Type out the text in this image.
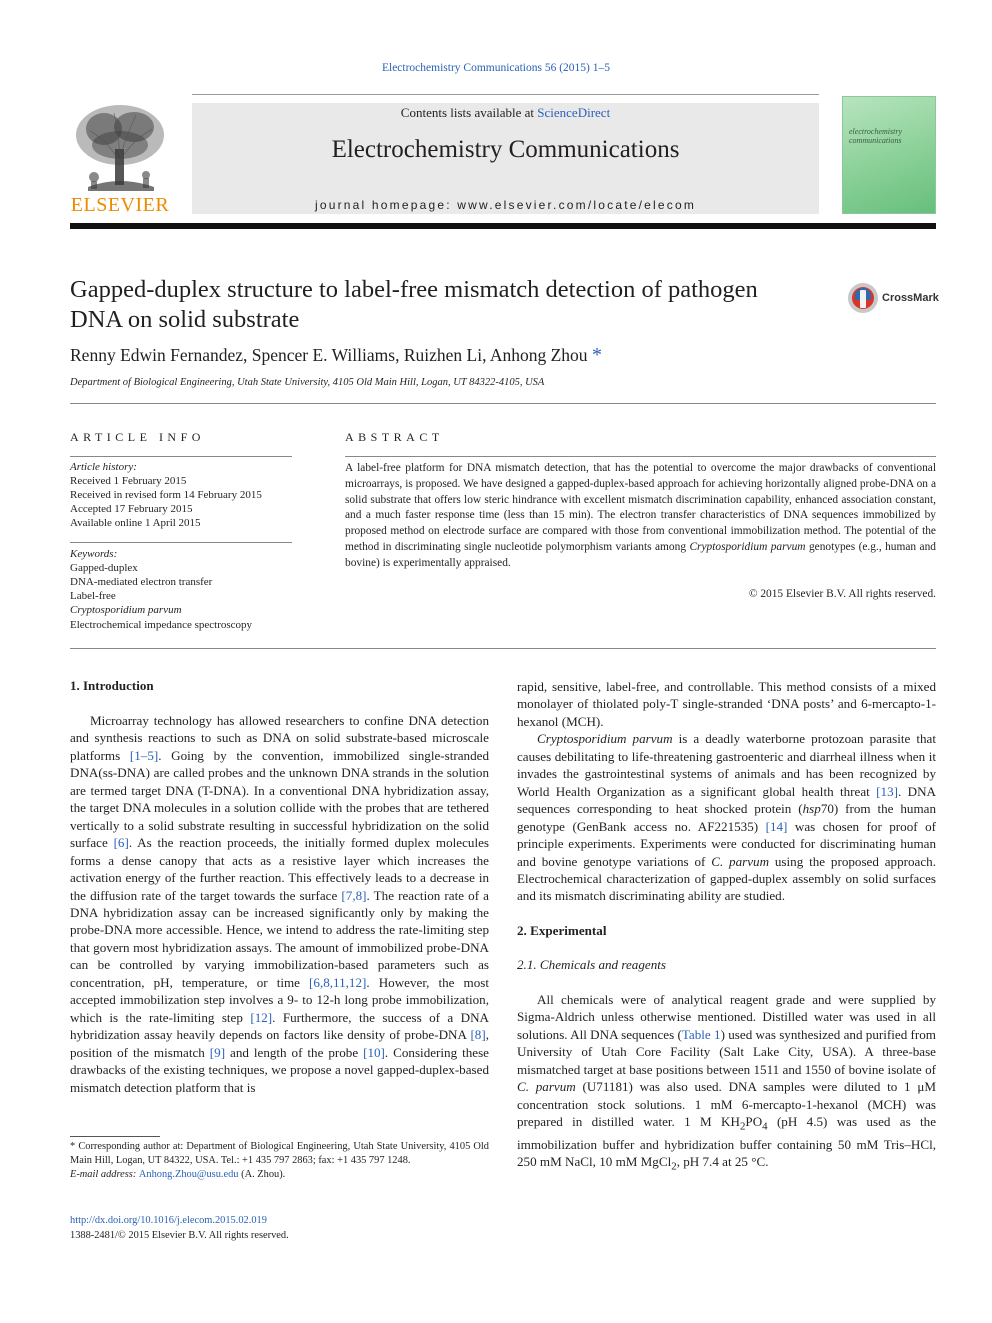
Electrochemistry Communications 56 (2015) 1–5
Contents lists available at ScienceDirect
Electrochemistry Communications
journal homepage: www.elsevier.com/locate/elecom
ELSEVIER
electrochemistry communications
Gapped-duplex structure to label-free mismatch detection of pathogen DNA on solid substrate
CrossMark
Renny Edwin Fernandez, Spencer E. Williams, Ruizhen Li, Anhong Zhou *
Department of Biological Engineering, Utah State University, 4105 Old Main Hill, Logan, UT 84322-4105, USA
ARTICLE INFO
Article history:
Received 1 February 2015
Received in revised form 14 February 2015
Accepted 17 February 2015
Available online 1 April 2015
Keywords:
Gapped-duplex
DNA-mediated electron transfer
Label-free
Cryptosporidium parvum
Electrochemical impedance spectroscopy
ABSTRACT
A label-free platform for DNA mismatch detection, that has the potential to overcome the major drawbacks of conventional microarrays, is proposed. We have designed a gapped-duplex-based approach for achieving horizontally aligned probe-DNA on a solid substrate that offers low steric hindrance with excellent mismatch discrimination capability, enhanced association constant, and a much faster response time (less than 15 min). The electron transfer characteristics of DNA sequences immobilized by proposed method on electrode surface are compared with those from conventional immobilization method. The potential of the method in discriminating single nucleotide polymorphism variants among Cryptosporidium parvum genotypes (e.g., human and bovine) is experimentally appraised.
© 2015 Elsevier B.V. All rights reserved.
1. Introduction

Microarray technology has allowed researchers to confine DNA detection and synthesis reactions to such as DNA on solid substrate-based microscale platforms [1–5]. Going by the convention, immobilized single-stranded DNA(ss-DNA) are called probes and the unknown DNA strands in the solution are termed target DNA (T-DNA). In a conventional DNA hybridization assay, the target DNA molecules in a solution collide with the probes that are tethered vertically to a solid substrate resulting in successful hybridization on the solid surface [6]. As the reaction proceeds, the initially formed duplex molecules forms a dense canopy that acts as a resistive layer which increases the activation energy of the further reaction. This effectively leads to a decrease in the diffusion rate of the target towards the surface [7,8]. The reaction rate of a DNA hybridization assay can be increased significantly only by making the probe-DNA more accessible. Hence, we intend to address the rate-limiting step that govern most hybridization assays. The amount of immobilized probe-DNA can be controlled by varying immobilization-based parameters such as concentration, pH, temperature, or time [6,8,11,12]. However, the most accepted immobilization step involves a 9- to 12-h long probe immobilization, which is the rate-limiting step [12]. Furthermore, the success of a DNA hybridization assay heavily depends on factors like density of probe-DNA [8], position of the mismatch [9] and length of the probe [10]. Considering these drawbacks of the existing techniques, we propose a novel gapped-duplex-based mismatch detection platform that is

* Corresponding author at: Department of Biological Engineering, Utah State University, 4105 Old Main Hill, Logan, UT 84322, USA. Tel.: +1 435 797 2863; fax: +1 435 797 1248.
E-mail address: Anhong.Zhou@usu.edu (A. Zhou).
http://dx.doi.org/10.1016/j.elecom.2015.02.019
1388-2481/© 2015 Elsevier B.V. All rights reserved.

rapid, sensitive, label-free, and controllable. This method consists of a mixed monolayer of thiolated poly-T single-stranded ‘DNA posts’ and 6-mercapto-1-hexanol (MCH).

Cryptosporidium parvum is a deadly waterborne protozoan parasite that causes debilitating to life-threatening gastroenteric and diarrheal illness when it invades the gastrointestinal systems of animals and has been recognized by World Health Organization as a significant global health threat [13]. DNA sequences corresponding to heat shocked protein (hsp70) from the human genotype (GenBank access no. AF221535) [14] was chosen for proof of principle experiments. Experiments were conducted for discriminating human and bovine genotype variations of C. parvum using the proposed approach. Electrochemical characterization of gapped-duplex assembly on solid surfaces and its mismatch discriminating ability are studied.

2. Experimental

2.1. Chemicals and reagents

All chemicals were of analytical reagent grade and were supplied by Sigma-Aldrich unless otherwise mentioned. Distilled water was used in all solutions. All DNA sequences (Table 1) used was synthesized and purified from University of Utah Core Facility (Salt Lake City, USA). A three-base mismatched target at base positions between 1511 and 1550 of bovine isolate of C. parvum (U71181) was also used. DNA samples were diluted to 1 μM concentration stock solutions. 1 mM 6-mercapto-1-hexanol (MCH) was prepared in distilled water. 1 M $KH_2PO_4$ (pH 4.5) was used as the immobilization buffer and hybridization buffer containing 50 mM Tris–HCl, 250 mM NaCl, 10 mM MgCl$_2$, pH 7.4 at 25 °C.
